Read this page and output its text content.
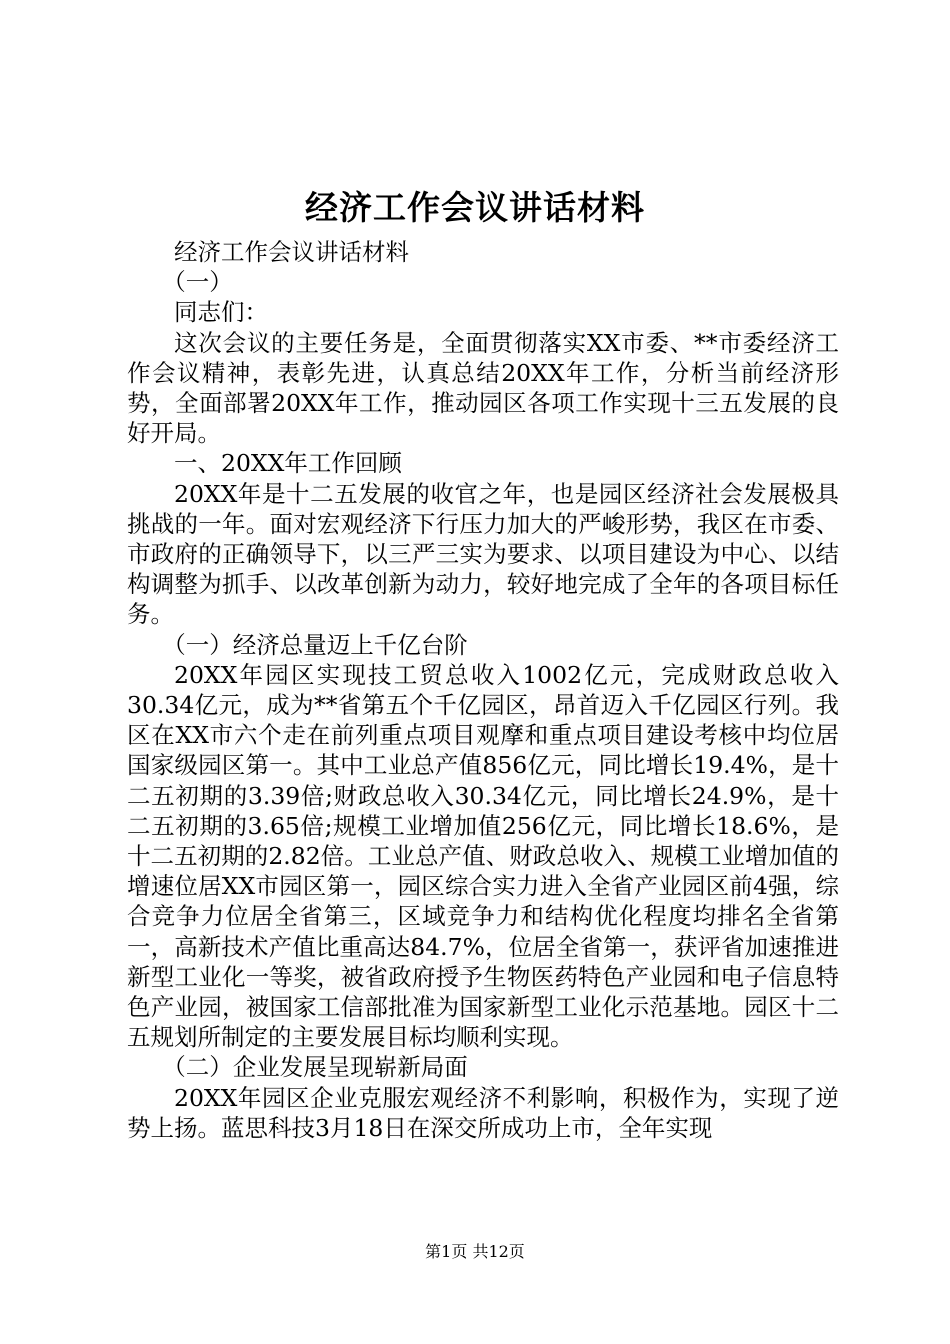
经济工作会议讲话材料

经济工作会议讲话材料

（一）

同志们：

这次会议的主要任务是，全面贯彻落实XX市委、**市委经济工作会议精神，表彰先进，认真总结20XX年工作，分析当前经济形势，全面部署20XX年工作，推动园区各项工作实现十三五发展的良好开局。

一、20XX年工作回顾

20XX年是十二五发展的收官之年，也是园区经济社会发展极具挑战的一年。面对宏观经济下行压力加大的严峻形势，我区在市委、市政府的正确领导下，以三严三实为要求、以项目建设为中心、以结构调整为抓手、以改革创新为动力，较好地完成了全年的各项目标任务。

（一）经济总量迈上千亿台阶

20XX年园区实现技工贸总收入1002亿元，完成财政总收入30.34亿元，成为**省第五个千亿园区，昂首迈入千亿园区行列。我区在XX市六个走在前列重点项目观摩和重点项目建设考核中均位居国家级园区第一。其中工业总产值856亿元，同比增长19.4%，是十二五初期的3.39倍;财政总收入30.34亿元，同比增长24.9%，是十二五初期的3.65倍;规模工业增加值256亿元，同比增长18.6%，是十二五初期的2.82倍。工业总产值、财政总收入、规模工业增加值的增速位居XX市园区第一，园区综合实力进入全省产业园区前4强，综合竞争力位居全省第三，区域竞争力和结构优化程度均排名全省第一，高新技术产值比重高达84.7%，位居全省第一，获评省加速推进新型工业化一等奖，被省政府授予生物医药特色产业园和电子信息特色产业园，被国家工信部批准为国家新型工业化示范基地。园区十二五规划所制定的主要发展目标均顺利实现。

（二）企业发展呈现崭新局面

20XX年园区企业克服宏观经济不利影响，积极作为，实现了逆势上扬。蓝思科技3月18日在深交所成功上市，全年实现

第1页 共12页
